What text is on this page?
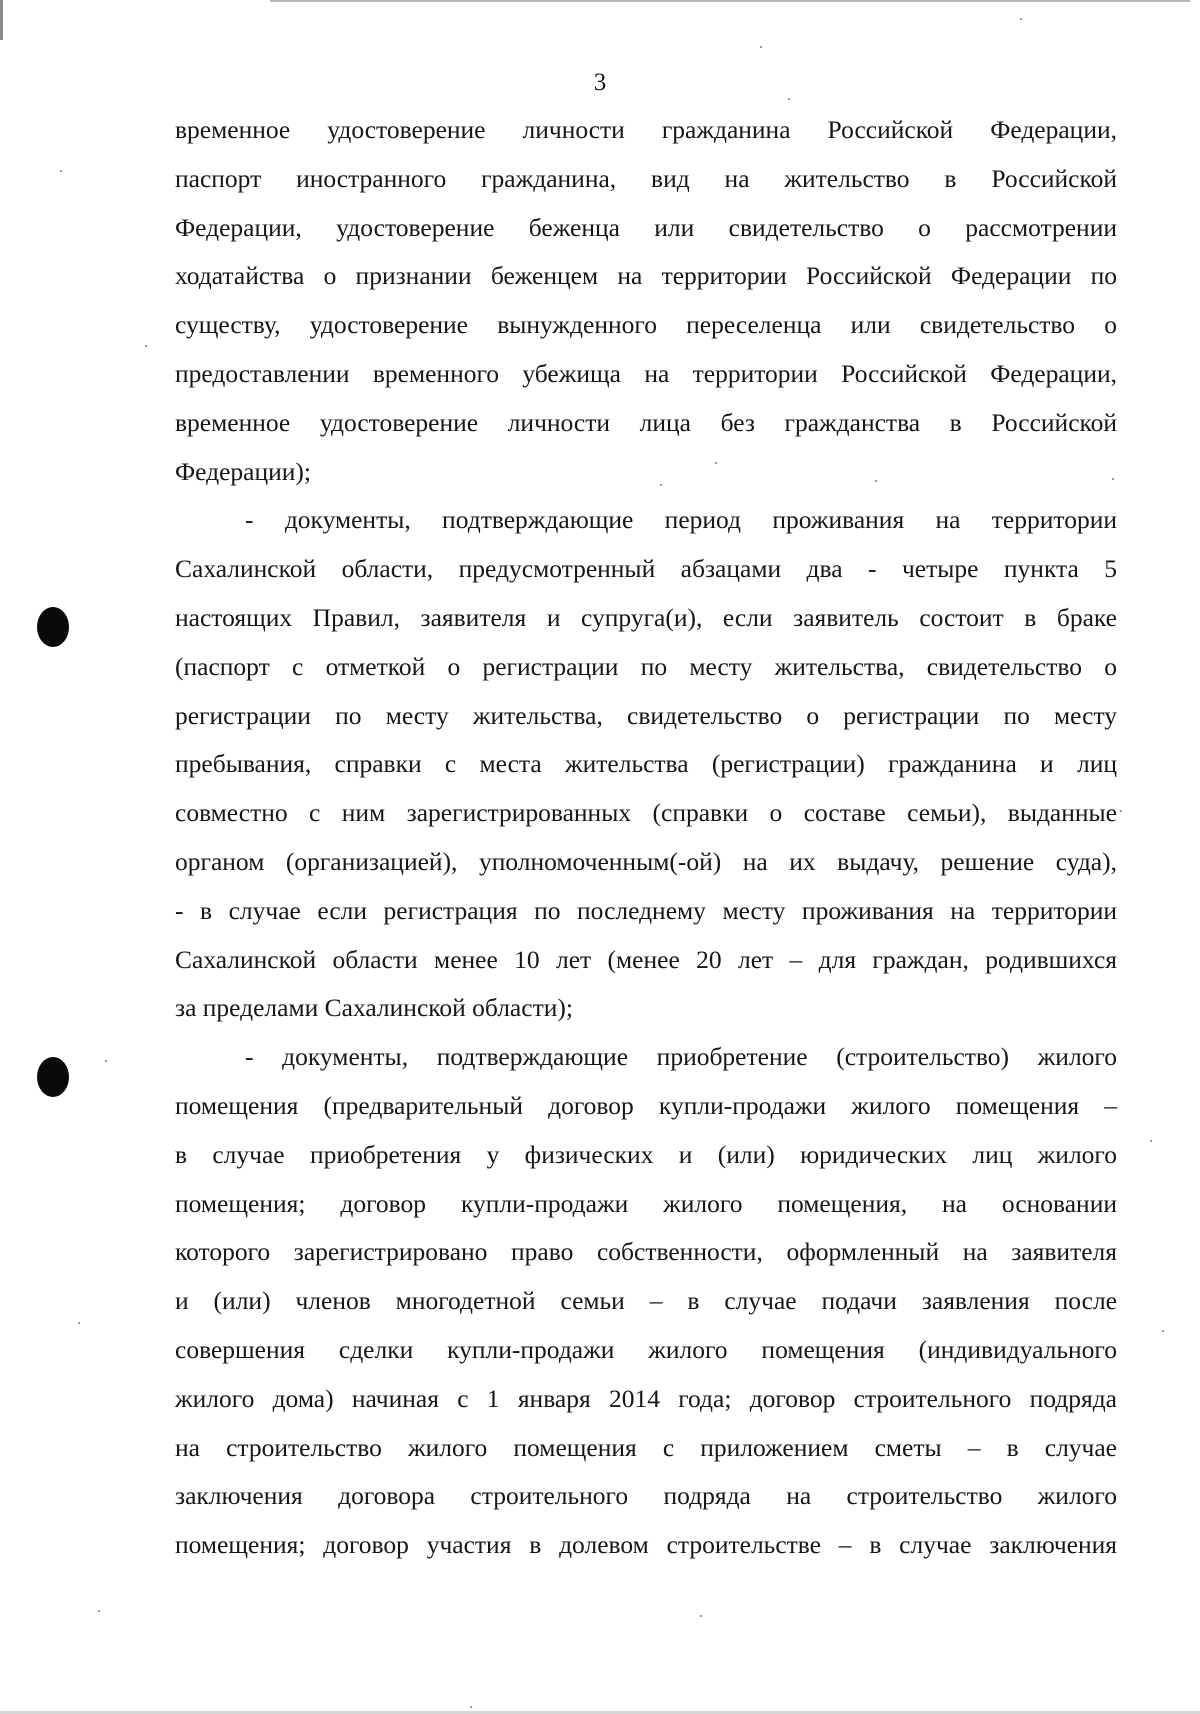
3
временное удостоверение личности гражданина Российской Федерации,
паспорт иностранного гражданина, вид на жительство в Российской
Федерации, удостоверение беженца или свидетельство о рассмотрении
ходатайства о признании беженцем на территории Российской Федерации по
существу, удостоверение вынужденного переселенца или свидетельство о
предоставлении временного убежища на территории Российской Федерации,
временное удостоверение личности лица без гражданства в Российской
Федерации);
- документы, подтверждающие период проживания на территории
Сахалинской области, предусмотренный абзацами два - четыре пункта 5
настоящих Правил, заявителя и супруга(и), если заявитель состоит в браке
(паспорт с отметкой о регистрации по месту жительства, свидетельство о
регистрации по месту жительства, свидетельство о регистрации по месту
пребывания, справки с места жительства (регистрации) гражданина и лиц
совместно с ним зарегистрированных (справки о составе семьи), выданные
органом (организацией), уполномоченным(-ой) на их выдачу, решение суда),
- в случае если регистрация по последнему месту проживания на территории
Сахалинской области менее 10 лет (менее 20 лет – для граждан, родившихся
за пределами Сахалинской области);
- документы, подтверждающие приобретение (строительство) жилого
помещения (предварительный договор купли-продажи жилого помещения –
в случае приобретения у физических и (или) юридических лиц жилого
помещения; договор купли-продажи жилого помещения, на основании
которого зарегистрировано право собственности, оформленный на заявителя
и (или) членов многодетной семьи – в случае подачи заявления после
совершения сделки купли-продажи жилого помещения (индивидуального
жилого дома) начиная с 1 января 2014 года; договор строительного подряда
на строительство жилого помещения с приложением сметы – в случае
заключения договора строительного подряда на строительство жилого
помещения; договор участия в долевом строительстве – в случае заключения
